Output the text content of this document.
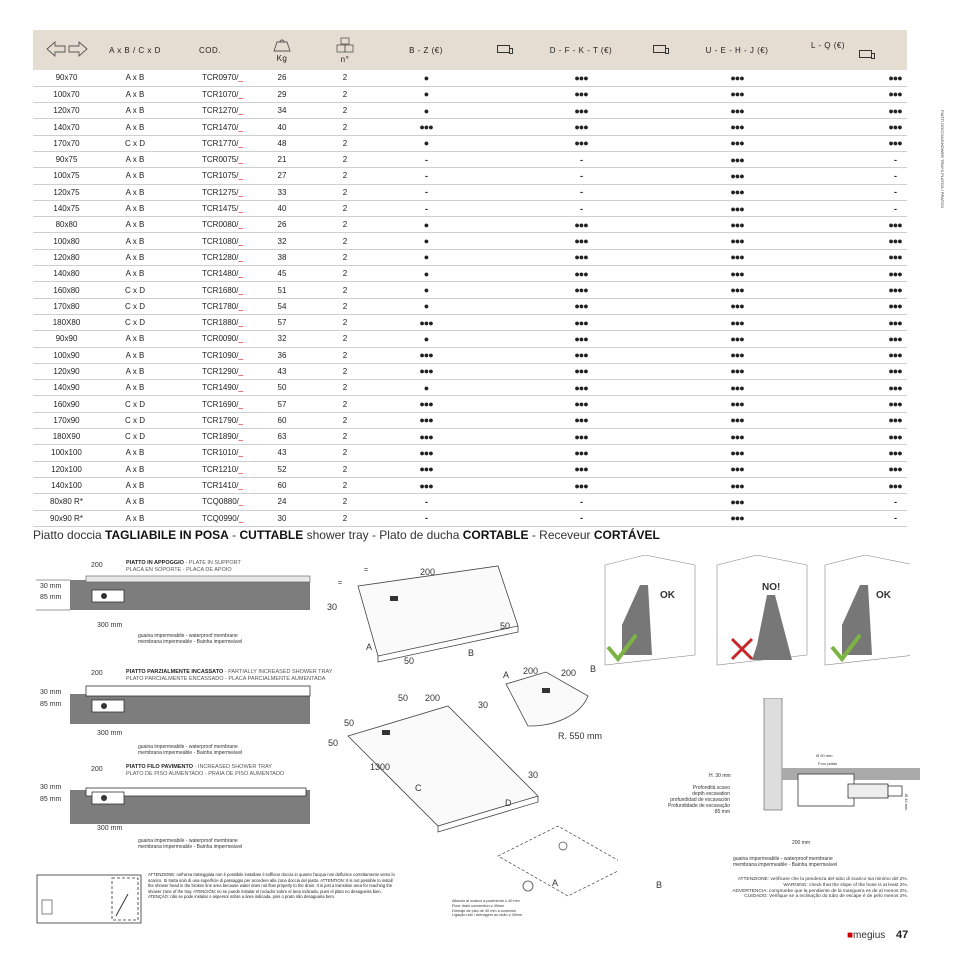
	A x B / C x D	COD.	Kg	n°	B - Z (€)		D - F - K - T (€)		U - E - H - J (€)	L - Q (€)
90x70	A x B	TCR0970/_	26	2	●		●●●		●●●	●●●
100x70	A x B	TCR1070/_	29	2	●		●●●		●●●	●●●
120x70	A x B	TCR1270/_	34	2	●		●●●		●●●	●●●
140x70	A x B	TCR1470/_	40	2	●●●		●●●		●●●	●●●
170x70	C x D	TCR1770/_	48	2	●		●●●		●●●	●●●
90x75	A x B	TCR0075/_	21	2	-		-		●●●	-
100x75	A x B	TCR1075/_	27	2	-		-		●●●	-
120x75	A x B	TCR1275/_	33	2	-		-		●●●	-
140x75	A x B	TCR1475/_	40	2	-		-		●●●	-
80x80	A x B	TCR0080/_	26	2	●		●●●		●●●	●●●
100x80	A x B	TCR1080/_	32	2	●		●●●		●●●	●●●
120x80	A x B	TCR1280/_	38	2	●		●●●		●●●	●●●
140x80	A x B	TCR1480/_	45	2	●		●●●		●●●	●●●
160x80	C x D	TCR1680/_	51	2	●		●●●		●●●	●●●
170x80	C x D	TCR1780/_	54	2	●		●●●		●●●	●●●
180X80	C x D	TCR1880/_	57	2	●●●		●●●		●●●	●●●
90x90	A x B	TCR0090/_	32	2	●		●●●		●●●	●●●
100x90	A x B	TCR1090/_	36	2	●●●		●●●		●●●	●●●
120x90	A x B	TCR1290/_	43	2	●●●		●●●		●●●	●●●
140x90	A x B	TCR1490/_	50	2	●		●●●		●●●	●●●
160x90	C x D	TCR1690/_	57	2	●●●		●●●		●●●	●●●
170x90	C x D	TCR1790/_	60	2	●●●		●●●		●●●	●●●
180X90	C x D	TCR1890/_	63	2	●●●		●●●		●●●	●●●
100x100	A x B	TCR1010/_	43	2	●●●		●●●		●●●	●●●
120x100	A x B	TCR1210/_	52	2	●●●		●●●		●●●	●●●
140x100	A x B	TCR1410/_	60	2	●●●		●●●		●●●	●●●
80x80 R*	A x B	TCQ0880/_	24	2	-		-		●●●	-
90x90 R*	A x B	TCQ0990/_	30	2	-		-		●●●	-
PIATTI DOCCIA/SHOWER TRAYS PLATOS / PRATOS
Piatto doccia TAGLIABILE IN POSA - CUTTABLE shower tray - Plato de ducha CORTABLE - Receveur CORTÁVEL
200
30 mm
85 mm
300 mm
PIATTO IN APPOGGIO - PLATE IN SUPPORT
PLACA EN SOPORTE - PLACA DE APOIO
guaina impermeabile - waterproof membrane
membrana impermeable - Bainha impermeável
200
30 mm
85 mm
300 mm
PIATTO PARZIALMENTE INCASSATO - PARTIALLY INCREASED SHOWER TRAY
PLATO PARCIALMENTE ENCASSADO - PLACA PARCIALMENTE AUMENTADA
guaina impermeabile - waterproof membrane
membrana impermeable - Bainha impermeável
200
30 mm
85 mm
300 mm
PIATTO FILO PAVIMENTO - INCREASED SHOWER TRAY
PLATO DE PISO AUMENTADO - PRAIA DE PISO AUMENTADO
guaina impermeabile - waterproof membrane
membrana impermeable - Bainha impermeável
ATTENZIONE: nell'area tratteggiata non è possibile installare il soffione doccia in quanto l'acqua non defluisce correttamente verso lo scarico. Si tratta solo di una superficie di passaggio per accedere alla zona doccia del piatto. ATTENTION: It is not possible to install the shower head in the broken line area because water does not flow properly to the drain. It is just a transition area for reaching the shower zone of the tray. ATENCIÓN: no se puede instalar el rociador sobre el área indicada, pues el plato no desagueira bien. ATENÇÃO: não se pode instalar o aspersor sobre a área indicada, pois o prato não desaguaria bem.
=
=	200
30
50
A
50
B
A 200	200 B
30
R. 550 mm
50 200
50
50
1300
30
C
D
A	B
Allaccio al scarico a pavimento ≥ 40 mm
Floor drain connection ≥ 40mm
Drenaje de piso de 40 mm a conexión
Ligação ralo / drenagem ao chão ≥ 40mm
OK
NO!
OK
H. 30 mm
Profondità scavo
depth excavation
profundidad de excavación
Profundidade de escavação
85 mm
Ø 90 mm
Foro piatto
Ø 40 mm
200 mm
guaina impermeabile - waterproof membrane
membrana impermeable - Bainha impermeável
ATTENZIONE: verificare che la pendenza del tubo di scarico sia minimo del 2%.
WARNING: check that the slope of the hose is at least 2%.
ADVERTENCIA: compruebe que la pendiente de la manguera es de al menos 2%.
CUIDADO: Verifique se a inclinação do tubo de escape é de pelo menos 2%.
■megius 47
